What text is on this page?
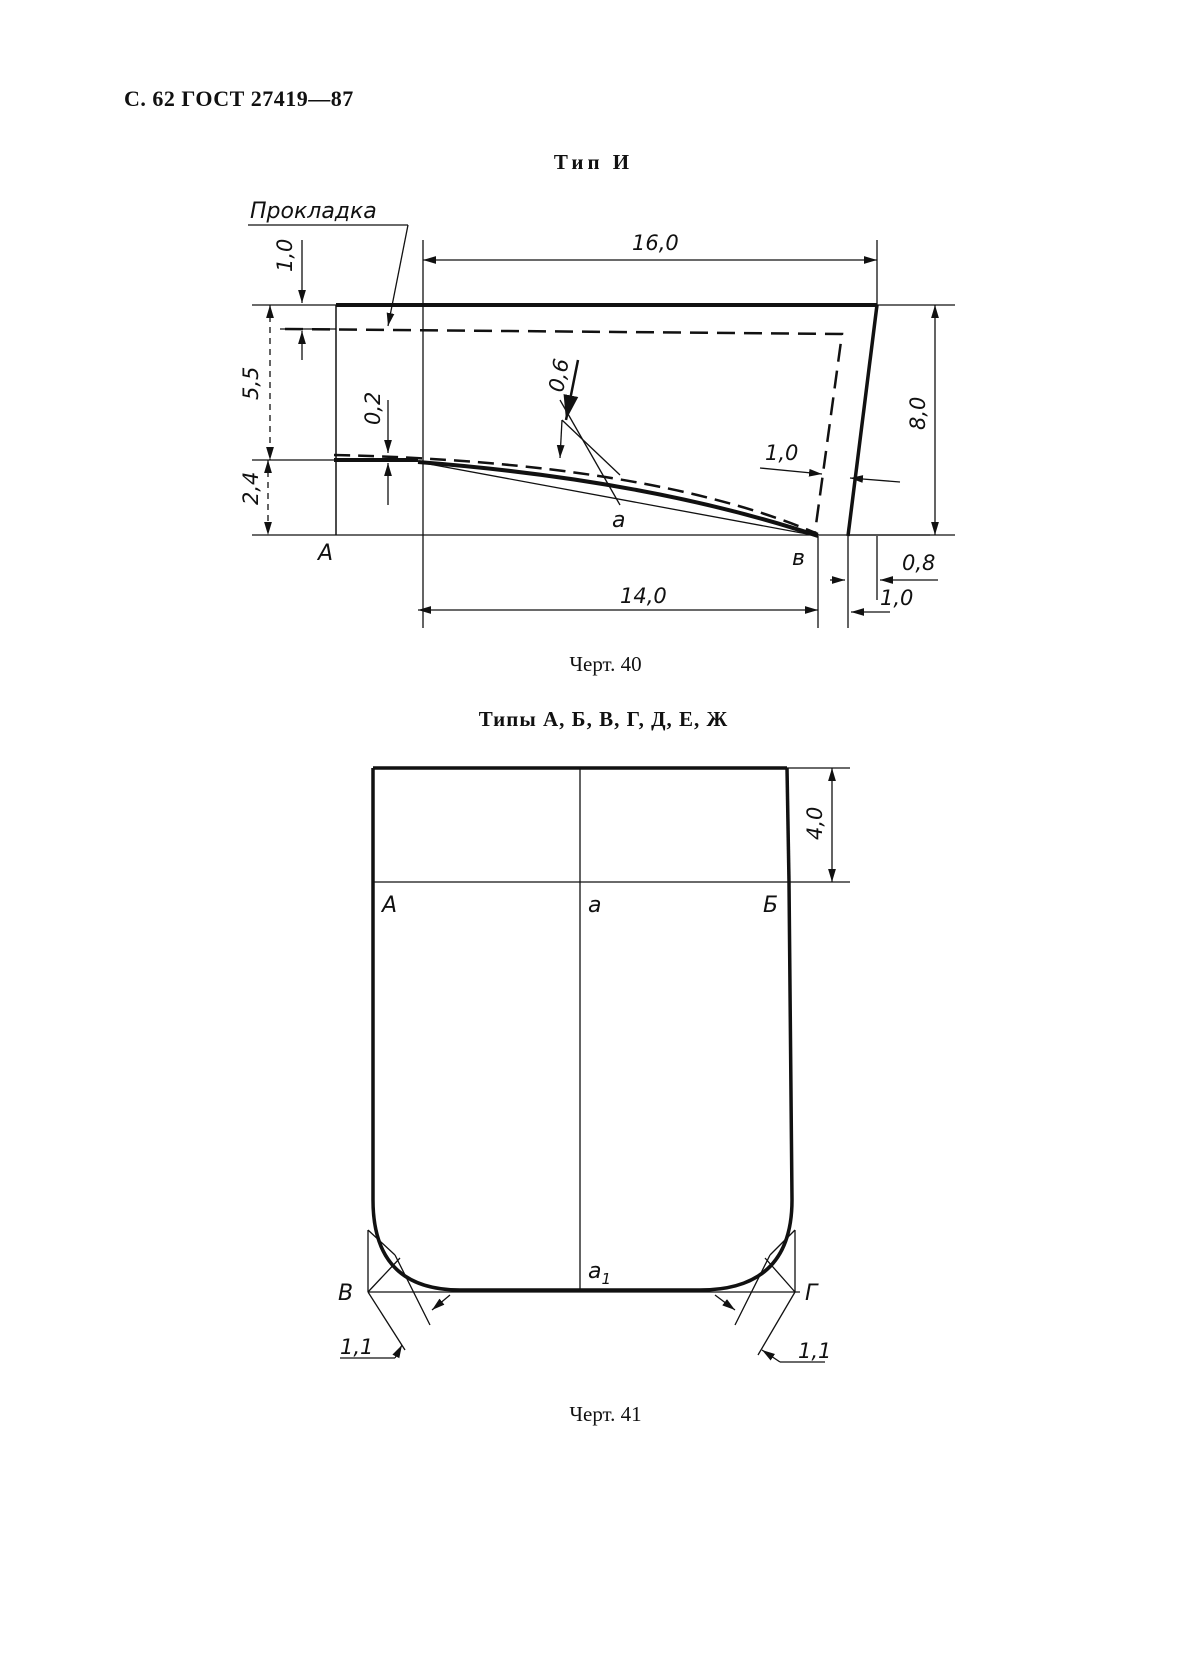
С. 62 ГОСТ 27419—87
Тип И
Черт. 40
Типы А, Б, В, Г, Д, Е, Ж
Черт. 41
Прокладка
16,0
14,0
8,0
1,0
5,5
2,4
0,2
0,6
1,0
0,8
1,0
А	в
а
4,0
А	а	Б
В	Г
$а_1$
1,1	1,1
